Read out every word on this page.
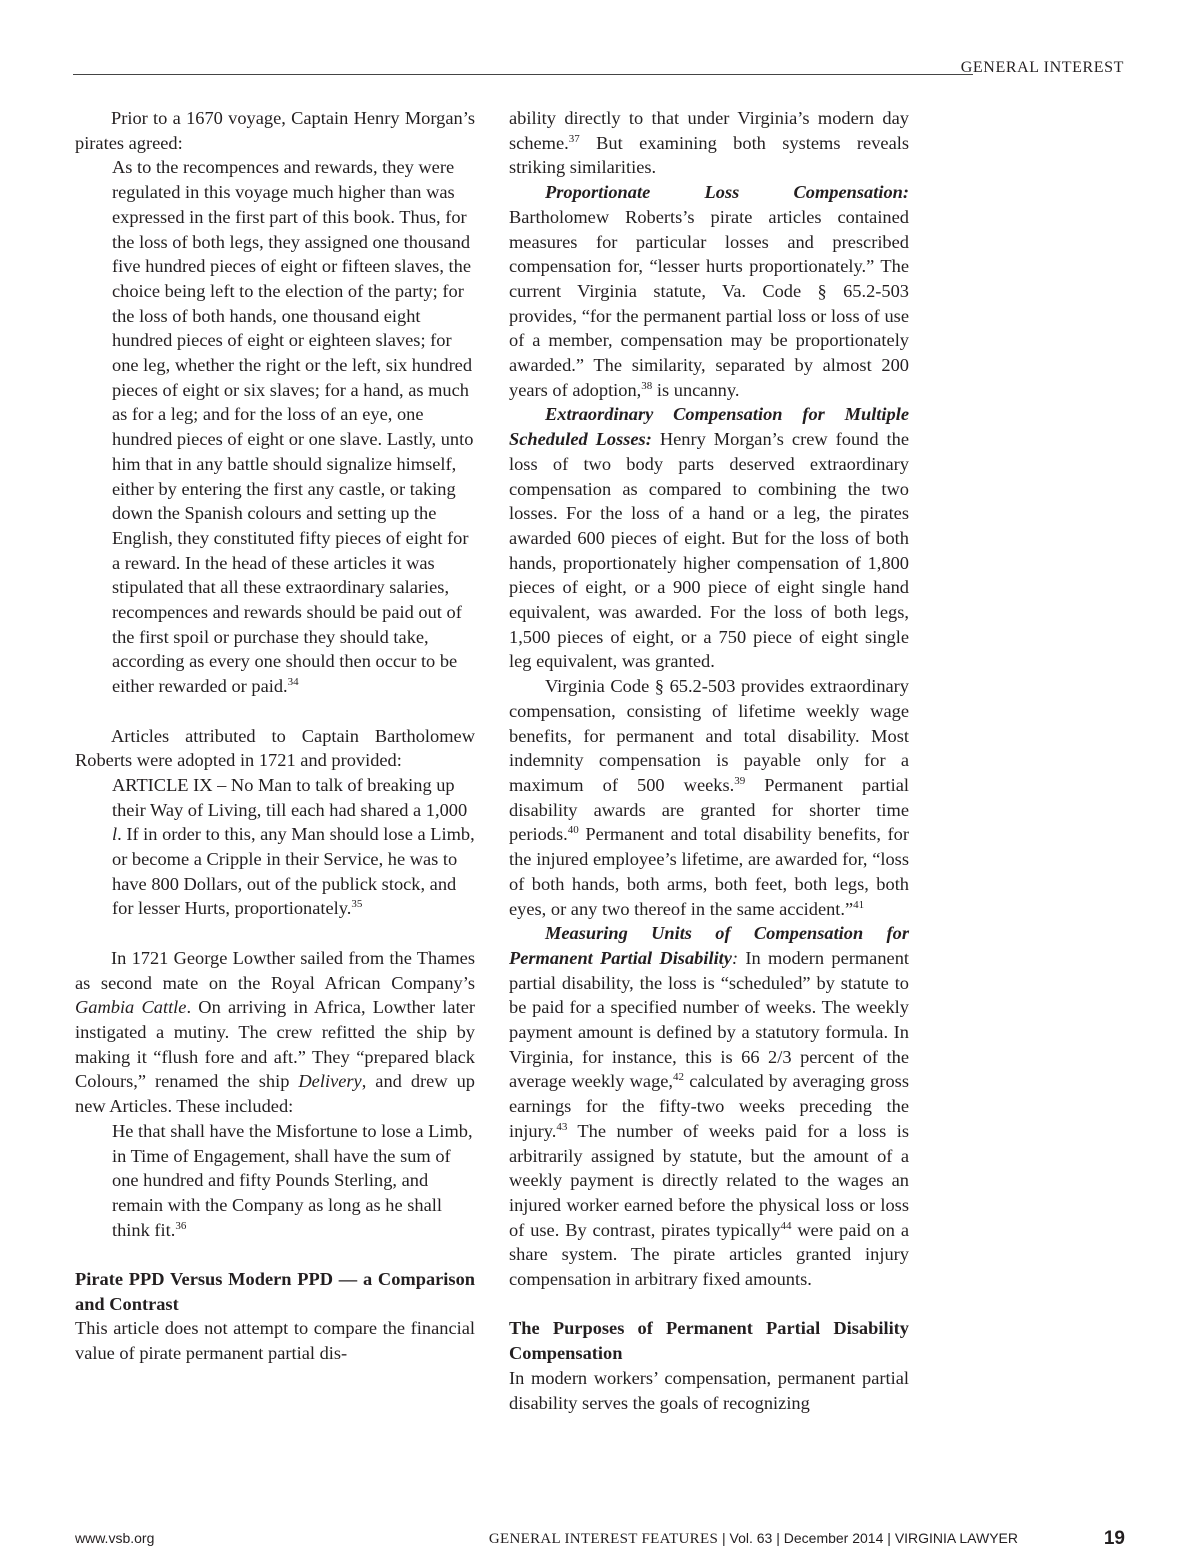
GENERAL INTEREST

Prior to a 1670 voyage, Captain Henry Morgan’s pirates agreed:

As to the recompences and rewards, they were regulated in this voyage much higher than was expressed in the first part of this book. Thus, for the loss of both legs, they assigned one thousand five hundred pieces of eight or fifteen slaves, the choice being left to the election of the party; for the loss of both hands, one thousand eight hundred pieces of eight or eighteen slaves; for one leg, whether the right or the left, six hundred pieces of eight or six slaves; for a hand, as much as for a leg; and for the loss of an eye, one hundred pieces of eight or one slave. Lastly, unto him that in any battle should signalize himself, either by entering the first any castle, or taking down the Spanish colours and setting up the English, they constituted fifty pieces of eight for a reward. In the head of these articles it was stipulated that all these extraordinary salaries, recompences and rewards should be paid out of the first spoil or purchase they should take, according as every one should then occur to be either rewarded or paid.$^{34}$

Articles attributed to Captain Bartholomew Roberts were adopted in 1721 and provided:

ARTICLE IX – No Man to talk of breaking up their Way of Living, till each had shared a 1,000 l. If in order to this, any Man should lose a Limb, or become a Cripple in their Service, he was to have 800 Dollars, out of the publick stock, and for lesser Hurts, proportionately.$^{35}$

In 1721 George Lowther sailed from the Thames as second mate on the Royal African Company’s Gambia Cattle. On arriving in Africa, Lowther later instigated a mutiny. The crew refitted the ship by making it “flush fore and aft.” They “prepared black Colours,” renamed the ship Delivery, and drew up new Articles. These included:

He that shall have the Misfortune to lose a Limb, in Time of Engagement, shall have the sum of one hundred and fifty Pounds Sterling, and remain with the Company as long as he shall think fit.$^{36}$

Pirate PPD Versus Modern PPD — a Comparison and Contrast

This article does not attempt to compare the financial value of pirate permanent partial dis-

ability directly to that under Virginia’s modern day scheme.$^{37}$ But examining both systems reveals striking similarities.

Proportionate Loss Compensation: Bartholomew Roberts’s pirate articles contained measures for particular losses and prescribed compensation for, “lesser hurts proportionately.” The current Virginia statute, Va. Code § 65.2-503 provides, “for the permanent partial loss or loss of use of a member, compensation may be proportionately awarded.” The similarity, separated by almost 200 years of adoption,$^{38}$ is uncanny.

Extraordinary Compensation for Multiple Scheduled Losses: Henry Morgan’s crew found the loss of two body parts deserved extraordinary compensation as compared to combining the two losses. For the loss of a hand or a leg, the pirates awarded 600 pieces of eight. But for the loss of both hands, proportionately higher compensation of 1,800 pieces of eight, or a 900 piece of eight single hand equivalent, was awarded. For the loss of both legs, 1,500 pieces of eight, or a 750 piece of eight single leg equivalent, was granted.

Virginia Code § 65.2-503 provides extraordinary compensation, consisting of lifetime weekly wage benefits, for permanent and total disability. Most indemnity compensation is payable only for a maximum of 500 weeks.$^{39}$ Permanent partial disability awards are granted for shorter time periods.$^{40}$ Permanent and total disability benefits, for the injured employee’s lifetime, are awarded for, “loss of both hands, both arms, both feet, both legs, both eyes, or any two thereof in the same accident.”$^{41}$

Measuring Units of Compensation for Permanent Partial Disability: In modern permanent partial disability, the loss is “scheduled” by statute to be paid for a specified number of weeks. The weekly payment amount is defined by a statutory formula. In Virginia, for instance, this is 66 2/3 percent of the average weekly wage,$^{42}$ calculated by averaging gross earnings for the fifty-two weeks preceding the injury.$^{43}$ The number of weeks paid for a loss is arbitrarily assigned by statute, but the amount of a weekly payment is directly related to the wages an injured worker earned before the physical loss or loss of use. By contrast, pirates typically$^{44}$ were paid on a share system. The pirate articles granted injury compensation in arbitrary fixed amounts.

The Purposes of Permanent Partial Disability Compensation

In modern workers’ compensation, permanent partial disability serves the goals of recognizing

www.vsb.org	GENERAL INTEREST FEATURES | Vol. 63 | December 2014 | VIRGINIA LAWYER	19
